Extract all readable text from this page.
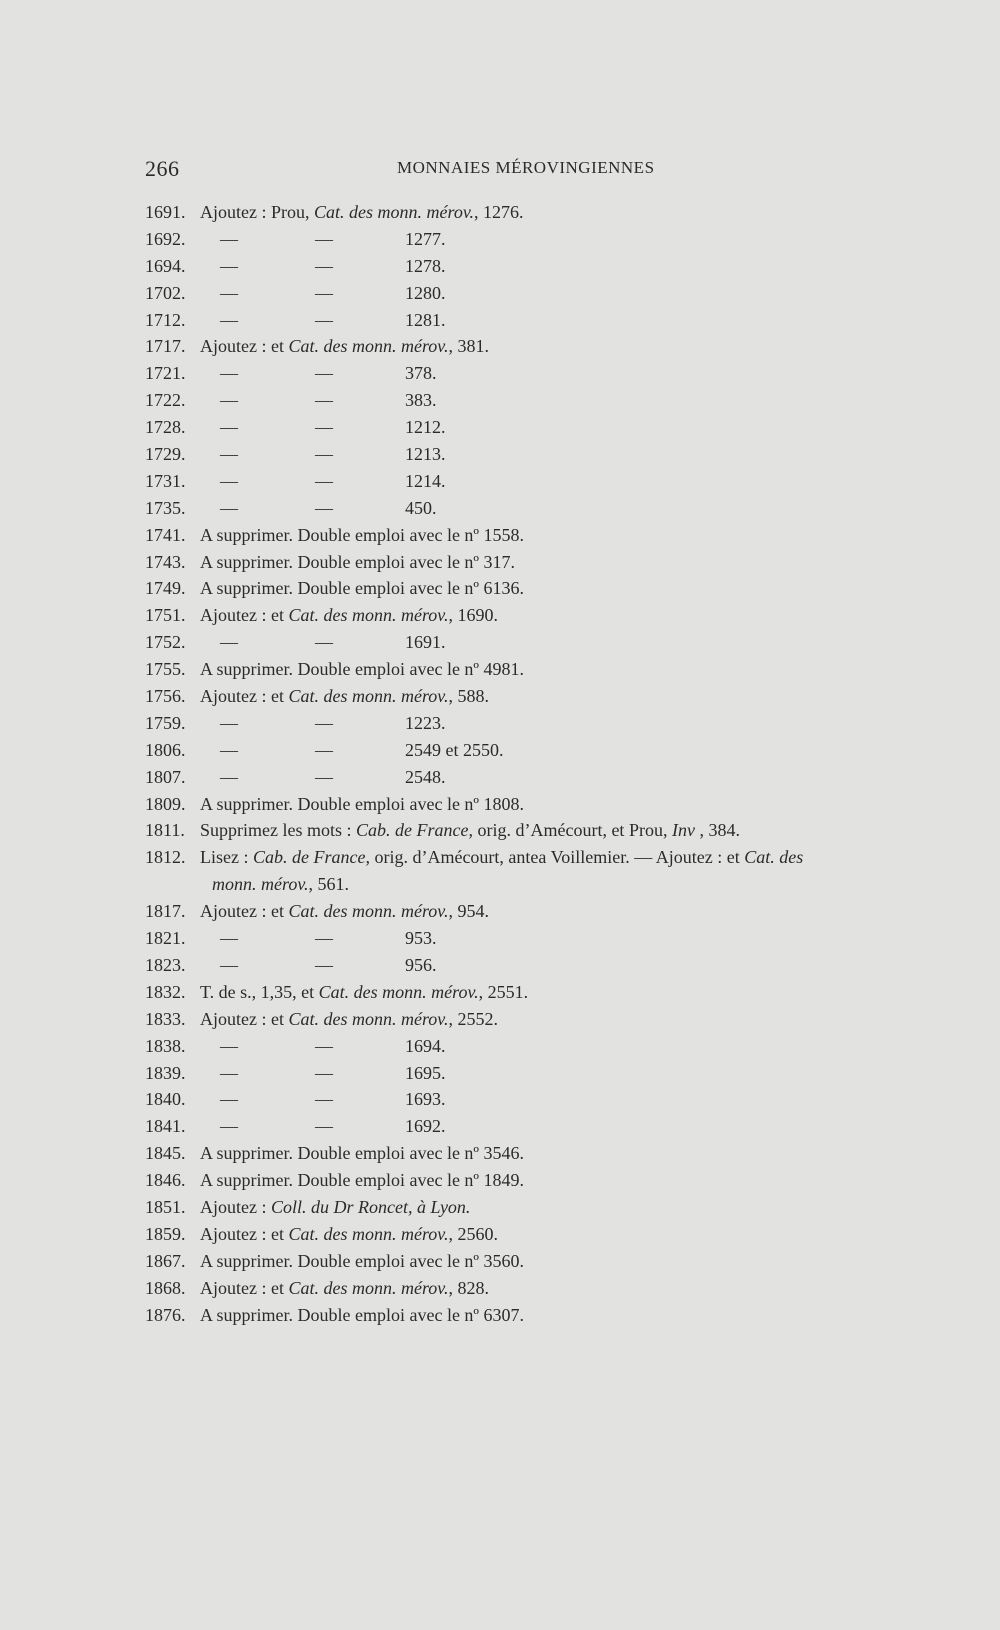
266	MONNAIES MÉROVINGIENNES
1691. Ajoutez : Prou, Cat. des monn. mérov. , 1276.
1692.	—	—	1277.
1694.	—	—	1278.
1702.	—	—	1280.
1712.	—	—	1281.
1717. Ajoutez : et Cat. des monn. mérov. , 381.
1721.	—	—	378.
1722.	—	—	383.
1728.	—	—	1212.
1729.	—	—	1213.
1731.	—	—	1214.
1735.	—	—	450.
1741. A supprimer. Double emploi avec le nº 1558.
1743. A supprimer. Double emploi avec le nº 317.
1749. A supprimer. Double emploi avec le nº 6136.
1751. Ajoutez : et Cat. des monn. mérov. , 1690.
1752.	—	—	1691.
1755. A supprimer. Double emploi avec le nº 4981.
1756. Ajoutez : et Cat. des monn. mérov. , 588.
1759.	—	—	1223.
1806.	—	—	2549 et 2550.
1807.	—	—	2548.
1809. A supprimer. Double emploi avec le nº 1808.
1811. Supprimez les mots : Cab. de France, orig. d’Amécourt, et Prou, Inv , 384.
1812. Lisez : Cab. de France, orig. d’Amécourt, antea Voillemier. — Ajoutez : et Cat. des
monn. mérov. , 561.
1817. Ajoutez : et Cat. des monn. mérov. , 954.
1821.	—	—	953.
1823.	—	—	956.
1832. T. de s., 1,35, et Cat. des monn. mérov. , 2551.
1833. Ajoutez : et Cat. des monn. mérov. , 2552.
1838.	—	—	1694.
1839.	—	—	1695.
1840.	—	—	1693.
1841.	—	—	1692.
1845. A supprimer. Double emploi avec le nº 3546.
1846. A supprimer. Double emploi avec le nº 1849.
1851. Ajoutez : Coll. du Dr Roncet, à Lyon.
1859. Ajoutez : et Cat. des monn. mérov. , 2560.
1867. A supprimer. Double emploi avec le nº 3560.
1868. Ajoutez : et Cat. des monn. mérov. , 828.
1876. A supprimer. Double emploi avec le nº 6307.
